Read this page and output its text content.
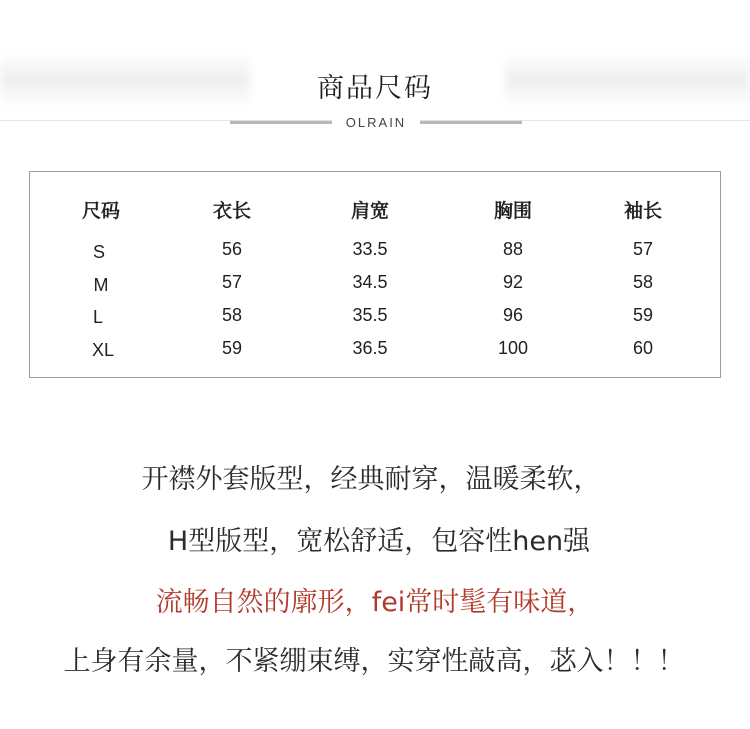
商品尺码
OLRAIN
尺码	衣长	肩宽	胸围	袖长
S	56	33.5	88	57
M	57	34.5	92	58
L	58	35.5	96	59
XL	59	36.5	100	60
开襟外套版型，经典耐穿，温暖柔软，
H型版型，宽松舒适，包容性hen强
流畅自然的廓形，fei常时髦有味道，
上身有余量，不紧绷束缚，实穿性敲高，苾入！！！
